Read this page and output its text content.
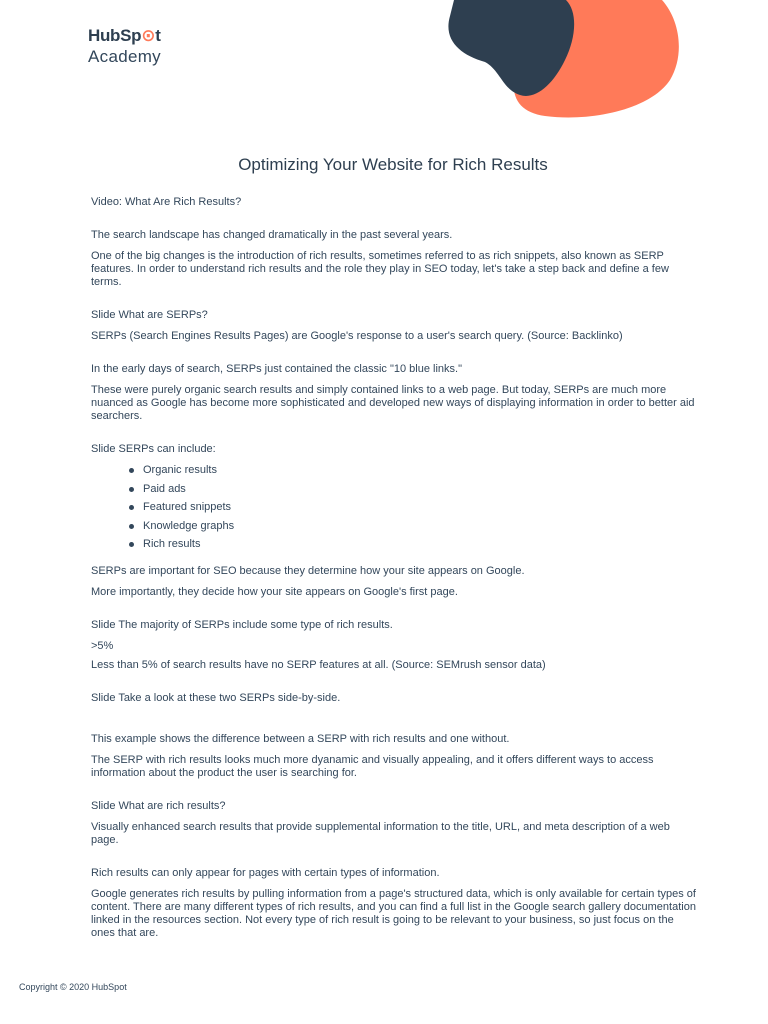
HubSp⊙t
Academy
Optimizing Your Website for Rich Results

Video: What Are Rich Results?

The search landscape has changed dramatically in the past several years.

One of the big changes is the introduction of rich results, sometimes referred to as rich snippets, also known as SERP features. In order to understand rich results and the role they play in SEO today, let's take a step back and define a few terms.

Slide What are SERPs?

SERPs (Search Engines Results Pages) are Google's response to a user's search query. (Source: Backlinko)

In the early days of search, SERPs just contained the classic "10 blue links."

These were purely organic search results and simply contained links to a web page. But today, SERPs are much more nuanced as Google has become more sophisticated and developed new ways of displaying information in order to better aid searchers.

Slide SERPs can include:

Organic results
Paid ads
Featured snippets
Knowledge graphs
Rich results

SERPs are important for SEO because they determine how your site appears on Google.

More importantly, they decide how your site appears on Google's first page.

Slide The majority of SERPs include some type of rich results.

>5%

Less than 5% of search results have no SERP features at all. (Source: SEMrush sensor data)

Slide Take a look at these two SERPs side-by-side.

This example shows the difference between a SERP with rich results and one without.

The SERP with rich results looks much more dyanamic and visually appealing, and it offers different ways to access information about the product the user is searching for.

Slide What are rich results?

Visually enhanced search results that provide supplemental information to the title, URL, and meta description of a web page.

Rich results can only appear for pages with certain types of information.

Google generates rich results by pulling information from a page's structured data, which is only available for certain types of content. There are many different types of rich results, and you can find a full list in the Google search gallery documentation linked in the resources section. Not every type of rich result is going to be relevant to your business, so just focus on the ones that are.

Copyright © 2020 HubSpot
